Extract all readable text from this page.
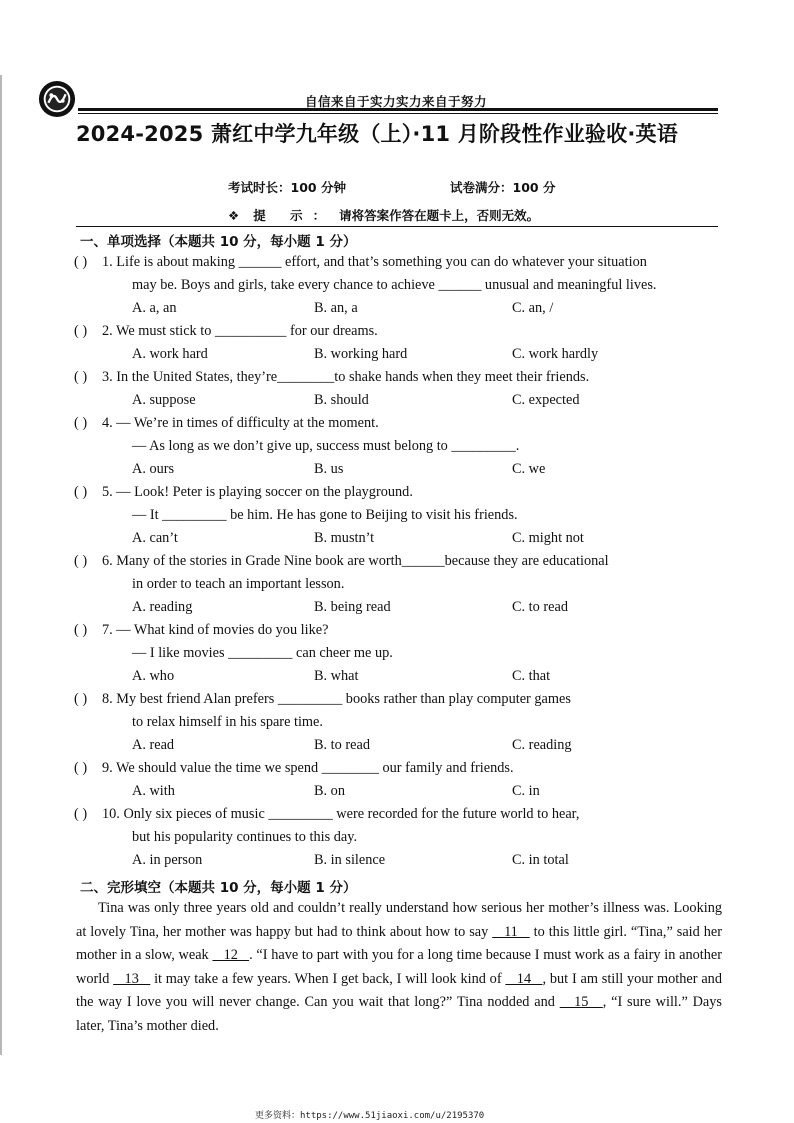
自信来自于实力实力来自于努力
2024-2025 萧红中学九年级（上）·11 月阶段性作业验收·英语
考试时长：100 分钟	试卷满分：100 分
❖ 提 示： 请将答案作答在题卡上，否则无效。
一、单项选择（本题共 10 分，每小题 1 分）
( ) 1. Life is about making ______ effort, and that’s something you can do whatever your situation
may be. Boys and girls, take every chance to achieve ______ unusual and meaningful lives.
A. a, an	B. an, a	C. an, /
( ) 2. We must stick to __________ for our dreams.
A. work hard	B. working hard	C. work hardly
( ) 3. In the United States, they’re________to shake hands when they meet their friends.
A. suppose	B. should	C. expected
( ) 4. — We’re in times of difficulty at the moment.
— As long as we don’t give up, success must belong to _________.
A. ours	B. us	C. we
( ) 5. — Look! Peter is playing soccer on the playground.
— It _________ be him. He has gone to Beijing to visit his friends.
A. can’t	B. mustn’t	C. might not
( ) 6. Many of the stories in Grade Nine book are worth______because they are educational
in order to teach an important lesson.
A. reading	B. being read	C. to read
( ) 7. — What kind of movies do you like?
— I like movies _________ can cheer me up.
A. who	B. what	C. that
( ) 8. My best friend Alan prefers _________ books rather than play computer games
to relax himself in his spare time.
A. read	B. to read	C. reading
( ) 9. We should value the time we spend ________ our family and friends.
A. with	B. on	C. in
( ) 10. Only six pieces of music _________ were recorded for the future world to hear,
but his popularity continues to this day.
A. in person	B. in silence	C. in total
二、完形填空（本题共 10 分，每小题 1 分）

Tina was only three years old and couldn’t really understand how serious her mother’s illness was. Looking at lovely Tina, her mother was happy but had to think about how to say    11    to this little girl. “Tina,” said her mother in a slow, weak    12   . “I have to part with you for a long time because I must work as a fairy in another world    13    it may take a few years. When I get back, I will look kind of    14   , but I am still your mother and the way I love you will never change. Can you wait that long?” Tina nodded and    15   , “I sure will.” Days later, Tina’s mother died.

更多资料：https://www.51jiaoxi.com/u/2195370
